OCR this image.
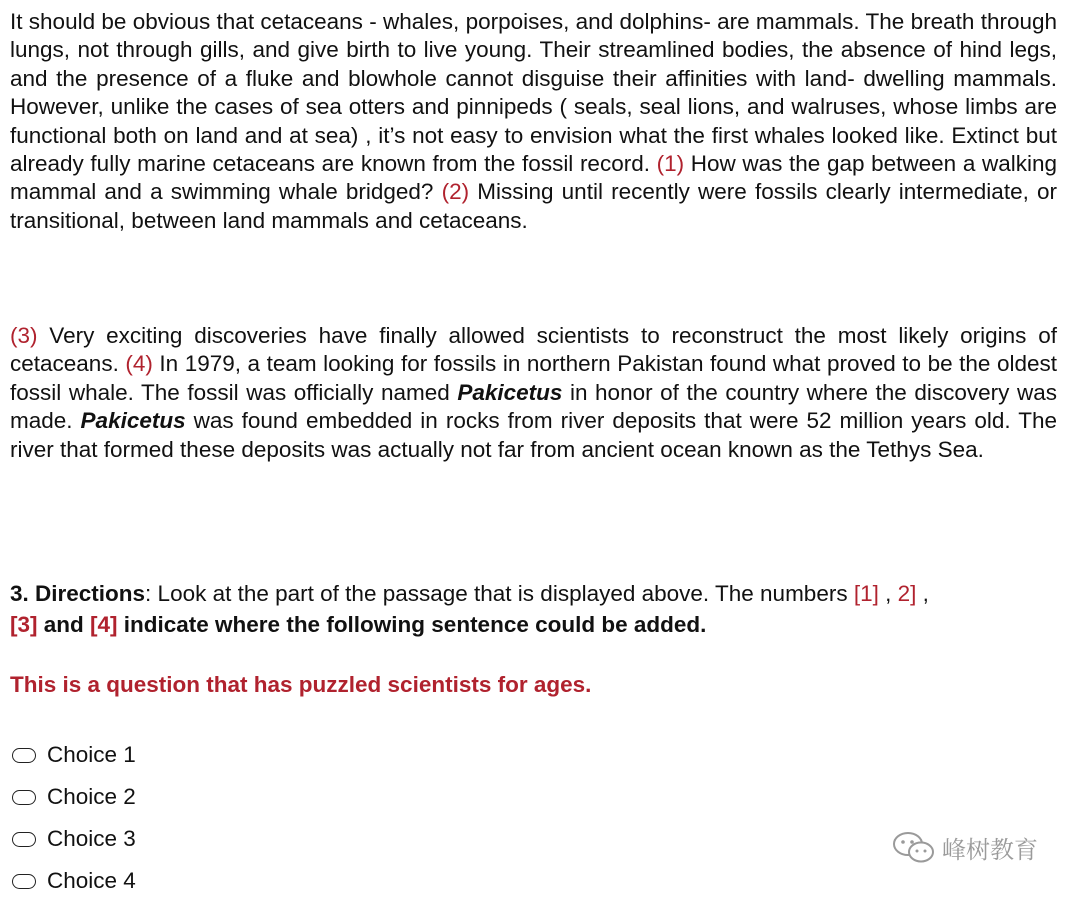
It should be obvious that cetaceans - whales, porpoises, and dolphins- are mammals. The breath through lungs, not through gills, and give birth to live young. Their streamlined bodies, the absence of hind legs, and the presence of a fluke and blowhole cannot disguise their affinities with land- dwelling mammals. However, unlike the cases of sea otters and pinnipeds ( seals, seal lions, and walruses, whose limbs are functional both on land and at sea) , it’s not easy to envision what the first whales looked like. Extinct but already fully marine cetaceans are known from the fossil record. (1) How was the gap between a walking mammal and a swimming whale bridged? (2) Missing until recently were fossils clearly intermediate, or transitional, between land mammals and cetaceans.

(3) Very exciting discoveries have finally allowed scientists to reconstruct the most likely origins of cetaceans. (4) In 1979, a team looking for fossils in northern Pakistan found what proved to be the oldest fossil whale. The fossil was officially named Pakicetus in honor of the country where the discovery was made. Pakicetus was found embedded in rocks from river deposits that were 52 million years old. The river that formed these deposits was actually not far from ancient ocean known as the Tethys Sea.

3. Directions: Look at the part of the passage that is displayed above. The numbers [1] , 2] ,
[3] and [4] indicate where the following sentence could be added.

This is a question that has puzzled scientists for ages.

Choice 1
Choice 2
Choice 3
Choice 4
峰树教育
